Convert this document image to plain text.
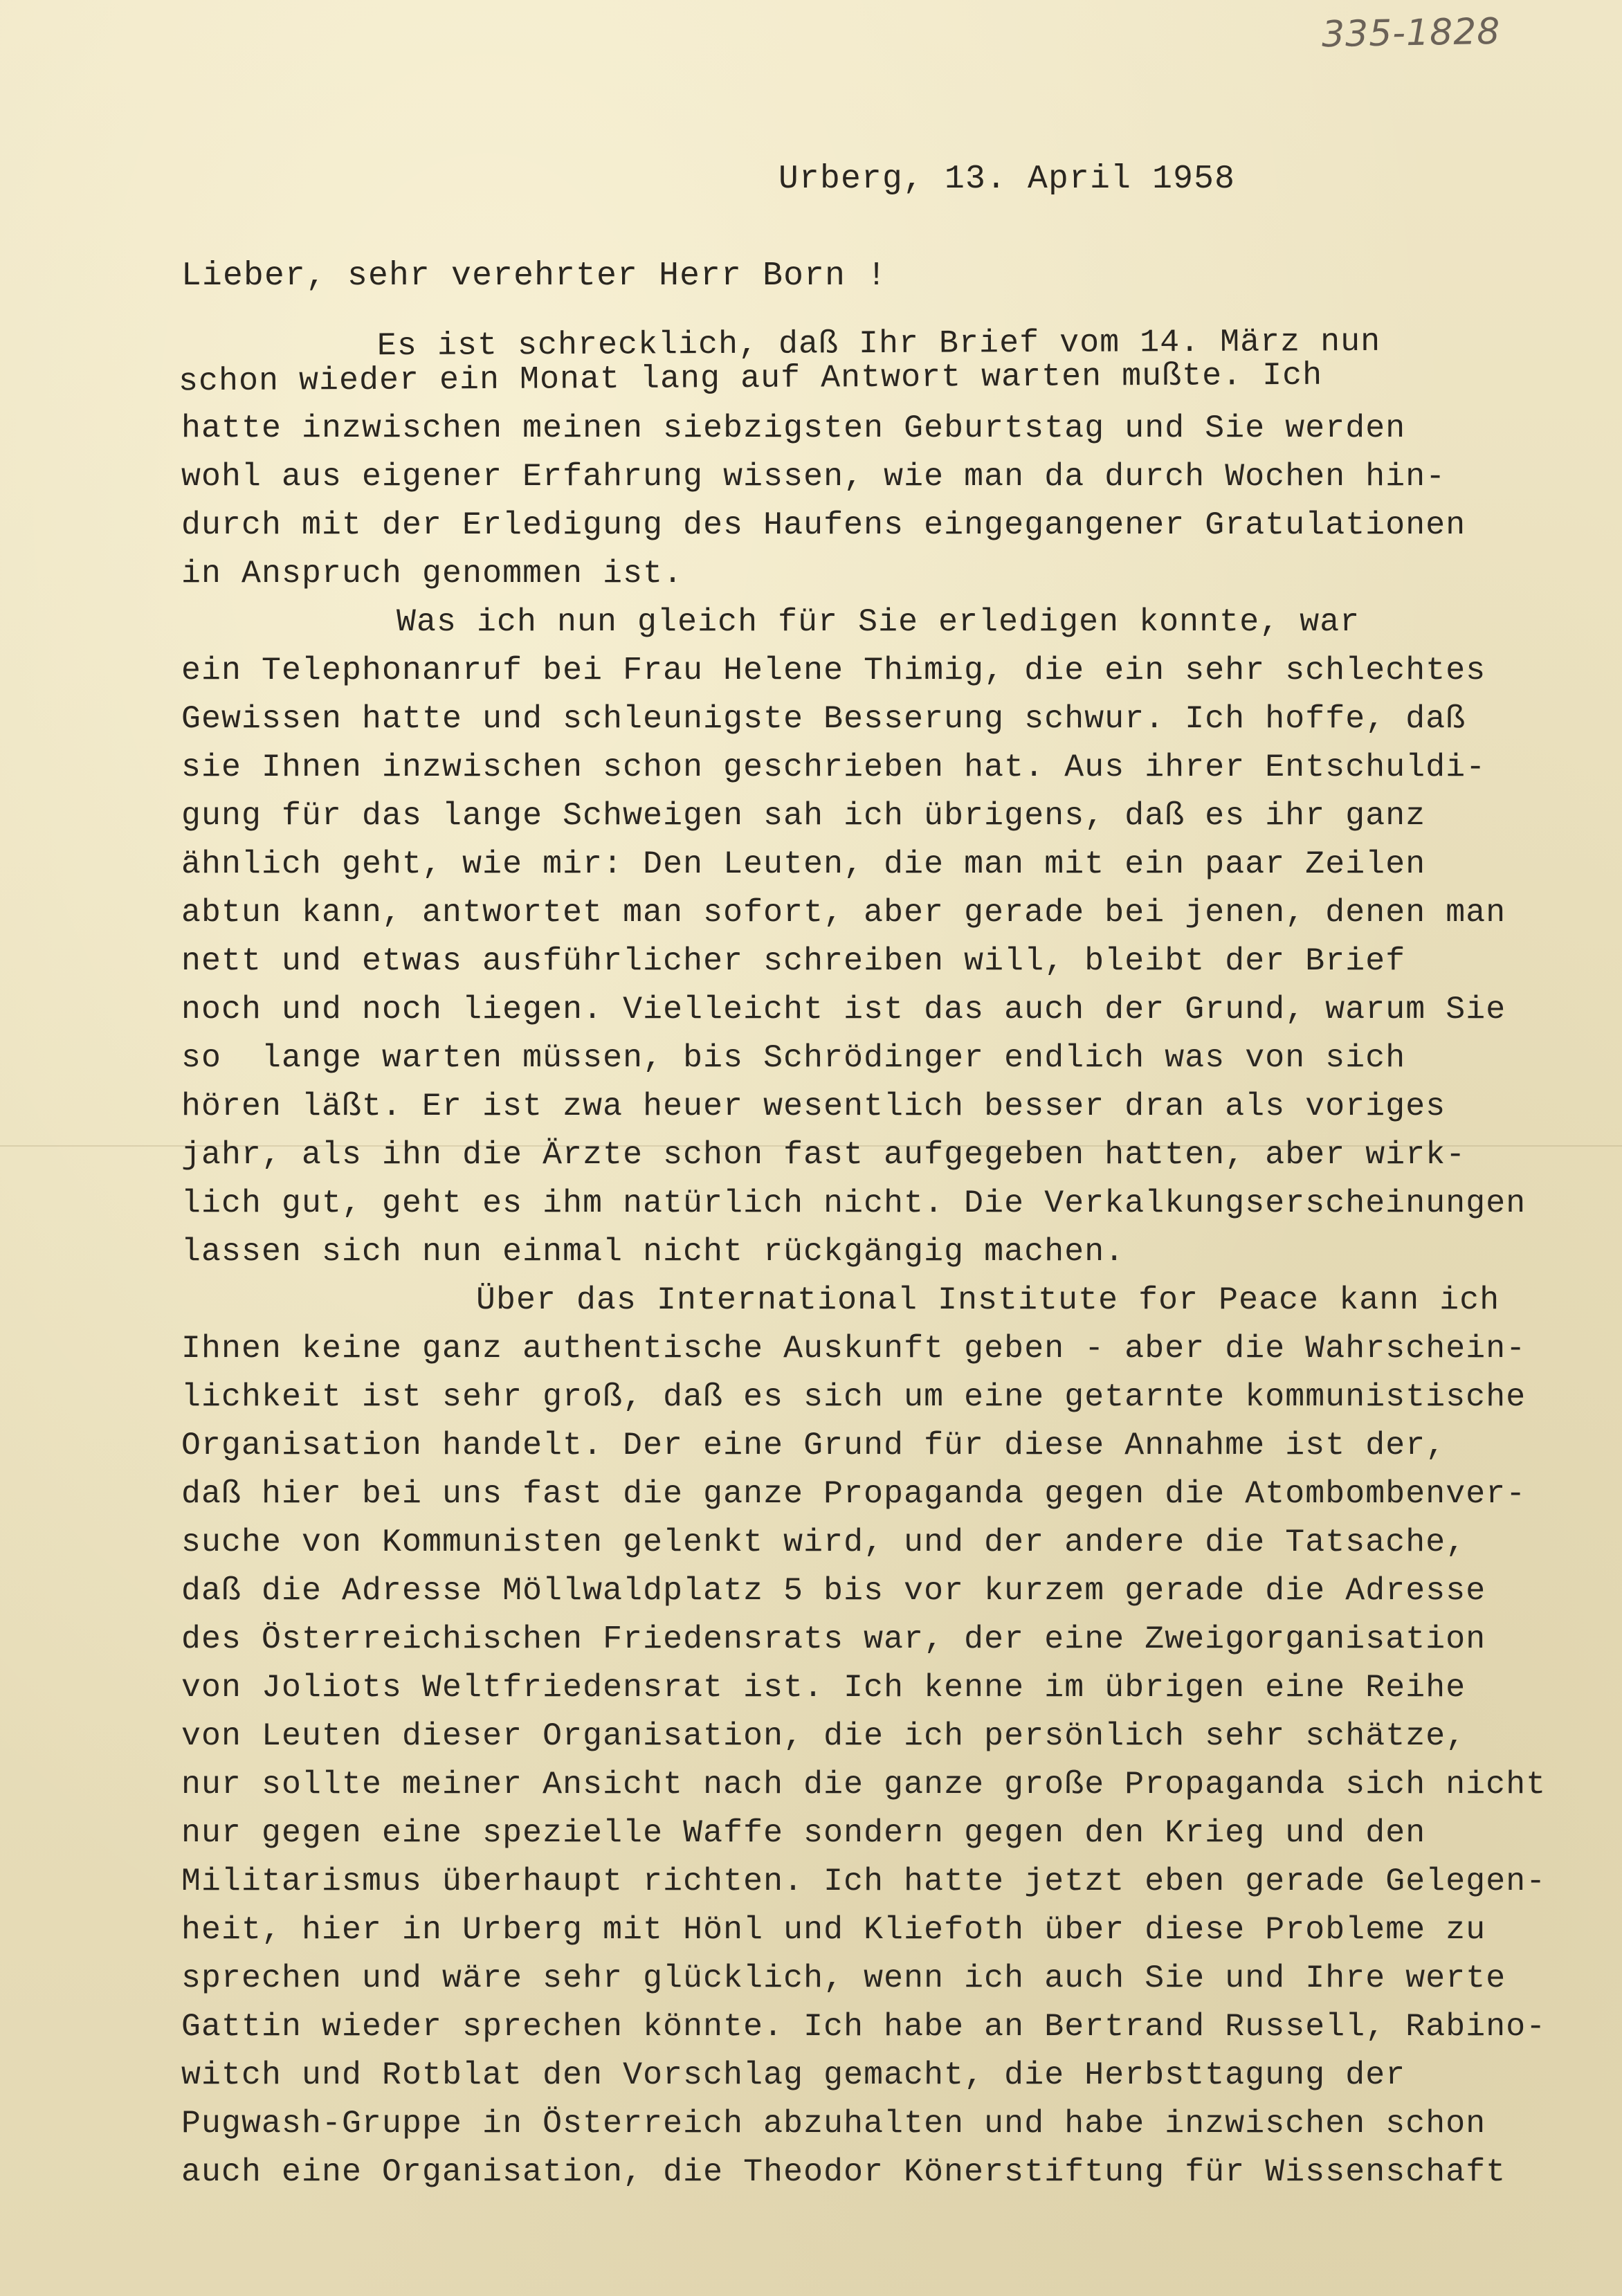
335-1828
Urberg, 13. April 1958
Lieber, sehr verehrter Herr Born !
Es ist schrecklich, daß Ihr Brief vom 14. März nun
schon wieder ein Monat lang auf Antwort warten mußte. Ich
hatte inzwischen meinen siebzigsten Geburtstag und Sie werden
wohl aus eigener Erfahrung wissen, wie man da durch Wochen hin-
durch mit der Erledigung des Haufens eingegangener Gratulationen
in Anspruch genommen ist.
Was ich nun gleich für Sie erledigen konnte, war
ein Telephonanruf bei Frau Helene Thimig, die ein sehr schlechtes
Gewissen hatte und schleunigste Besserung schwur. Ich hoffe, daß
sie Ihnen inzwischen schon geschrieben hat. Aus ihrer Entschuldi-
gung für das lange Schweigen sah ich übrigens, daß es ihr ganz
ähnlich geht, wie mir: Den Leuten, die man mit ein paar Zeilen
abtun kann, antwortet man sofort, aber gerade bei jenen, denen man
nett und etwas ausführlicher schreiben will, bleibt der Brief
noch und noch liegen. Vielleicht ist das auch der Grund, warum Sie
so  lange warten müssen, bis Schrödinger endlich was von sich
hören läßt. Er ist zwa heuer wesentlich besser dran als voriges
jahr, als ihn die Ärzte schon fast aufgegeben hatten, aber wirk-
lich gut, geht es ihm natürlich nicht. Die Verkalkungserscheinungen
lassen sich nun einmal nicht rückgängig machen.
Über das International Institute for Peace kann ich
Ihnen keine ganz authentische Auskunft geben - aber die Wahrschein-
lichkeit ist sehr groß, daß es sich um eine getarnte kommunistische
Organisation handelt. Der eine Grund für diese Annahme ist der,
daß hier bei uns fast die ganze Propaganda gegen die Atombombenver-
suche von Kommunisten gelenkt wird, und der andere die Tatsache,
daß die Adresse Möllwaldplatz 5 bis vor kurzem gerade die Adresse
des Österreichischen Friedensrats war, der eine Zweigorganisation
von Joliots Weltfriedensrat ist. Ich kenne im übrigen eine Reihe
von Leuten dieser Organisation, die ich persönlich sehr schätze,
nur sollte meiner Ansicht nach die ganze große Propaganda sich nicht
nur gegen eine spezielle Waffe sondern gegen den Krieg und den
Militarismus überhaupt richten. Ich hatte jetzt eben gerade Gelegen-
heit, hier in Urberg mit Hönl und Kliefoth über diese Probleme zu
sprechen und wäre sehr glücklich, wenn ich auch Sie und Ihre werte
Gattin wieder sprechen könnte. Ich habe an Bertrand Russell, Rabino-
witch und Rotblat den Vorschlag gemacht, die Herbsttagung der
Pugwash-Gruppe in Österreich abzuhalten und habe inzwischen schon
auch eine Organisation, die Theodor Könerstiftung für Wissenschaft
